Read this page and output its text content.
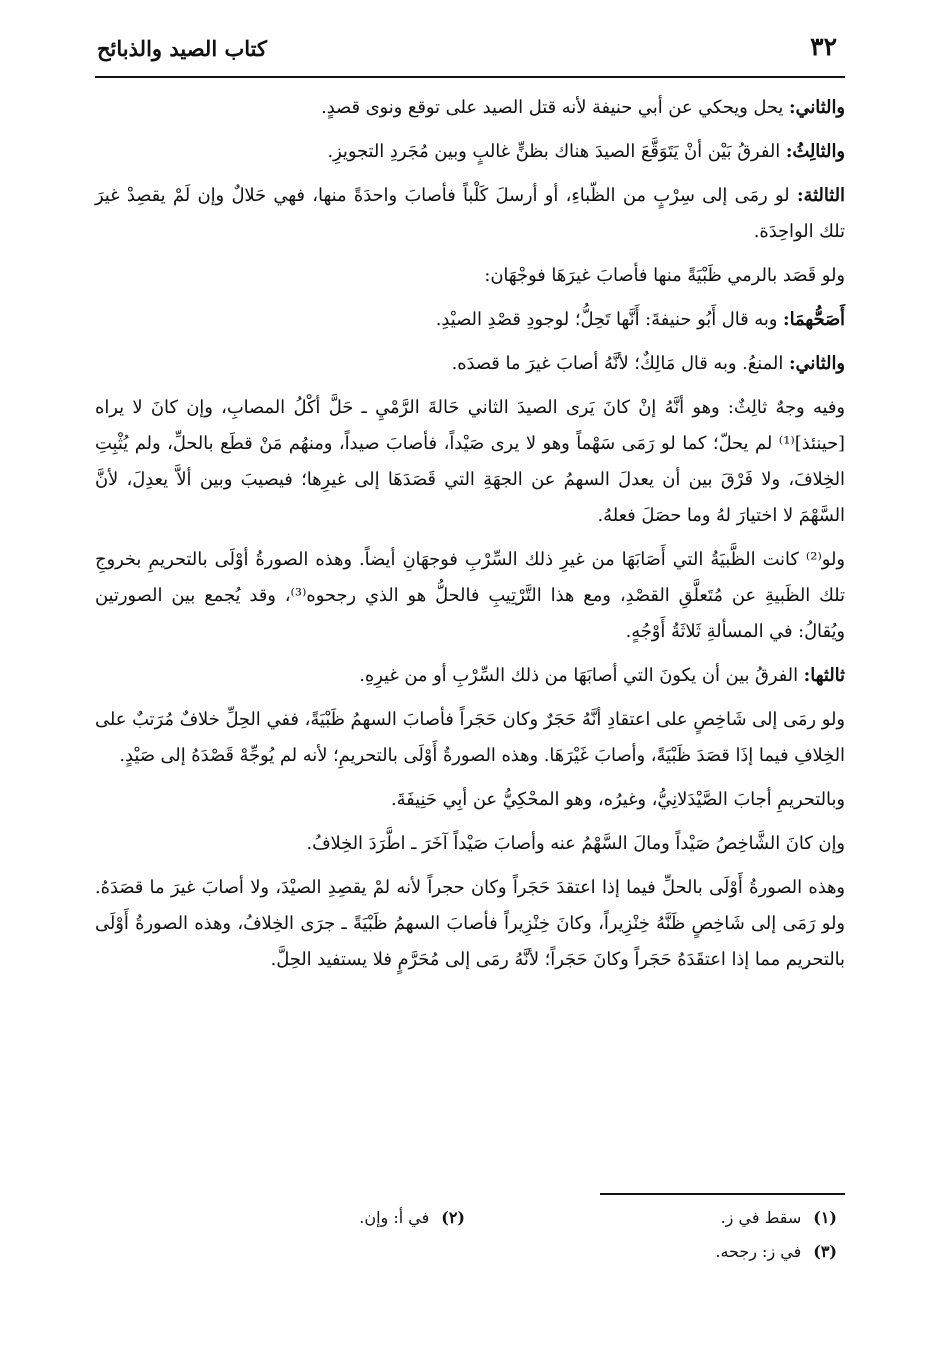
٣٢
كتاب الصيد والذبائح

والثاني: يحل ويحكي عن أبي حنيفة لأنه قتل الصيد على توقع ونوى قصدٍ.

والثالِثُ: الفرقُ بَيْن أنْ يَتَوَقَّعَ الصيدَ هناك بظنٍّ غالبٍ وبين مُجَردِ التجويزِ.

الثالثة: لو رمَى إلى سِرْبٍ من الظّباءِ، أو أرسلَ كَلْباً فأصابَ واحدَةً منها، فهي حَلالٌ وإن لَمْ يقصِدْ غيرَ تلك الواحِدَة.

ولو قَصَد بالرمي ظَبْيَةً منها فأصابَ غيرَهَا فوجْهَان:

أَصَحُّهمَا: وبه قال أَبُو حنيفةَ: أَنَّها تَحِلُّ؛ لوجودِ قصْدِ الصيْدِ.

والثاني: المنعُ. وبه قال مَالِكٌ؛ لأنَّهُ أصابَ غيرَ ما قصدَه.

وفيه وجهٌ ثالِثٌ: وهو أنَّهُ إنْ كانَ يَرى الصيدَ الثاني حَالةَ الرَّمْيِ ـ حَلَّ أكْلُ المصابِ، وإن كانَ لا يراه [حينئذ]⁽¹⁾ لم يحلّ؛ كما لو رَمَى سَهْماً وهو لا يرى صَيْداً، فأصابَ صيداً، ومنهُم مَنْ قطَع بالحلِّ، ولم يُثْبِتِ الخِلافَ، ولا فَرْقَ بين أن يعدلَ السهمُ عن الجهَةِ التي قَصَدَهَا إلى غيرِها؛ فيصيبَ وبين ألاَّ يعدِلَ، لأنَّ السَّهْمَ لا اختيارَ لهُ وما حصَلَ فعلهُ.

ولو⁽²⁾ كانت الظَّبيَةُ التي أَصَابَهَا من غيرِ ذلك السِّرْبِ فوجهَانِ أيضاً. وهذه الصورةُ أوْلَى بالتحريمِ بخروجِ تلك الظَبيةِ عن مُتَعلَّقِ القصْدِ، ومع هذا التَّرْتِيبِ فالحلُّ هو الذي رجحوه⁽³⁾، وقد يُجمع بين الصورتين ويُقالُ: في المسألةِ ثَلاثَةُ أَوْجُهٍ.

ثالثها: الفرقُ بين أن يكونَ التي أصابَهَا من ذلك السِّرْبِ أو من غيرِهِ.

ولو رمَى إلى شَاخِصٍ على اعتقادِ أنَّهُ حَجَرٌ وكان حَجَراً فأصابَ السهمُ ظَبْيَةً، ففي الحِلِّ خلافٌ مُرَتبٌ على الخِلافِ فيما إذَا قصَدَ ظَبْيَةً، وأصابَ غَيْرَهَا. وهذه الصورةُ أَوْلَى بالتحريمِ؛ لأنه لم يُوجِّهْ قَصْدَهُ إلى صَيْدٍ.

وبالتحريمِ أجابَ الصَّيْدَلانِيُّ، وغيرُه، وهو المحْكِيُّ عن أبِي حَنِيفَةَ.

وإن كانَ الشَّاخِصُ صَيْداً ومالَ السَّهْمُ عنه وأصابَ صَيْداً آخَرَ ـ اطَّرَدَ الخِلافُ.

وهذه الصورةُ أَوْلَى بالحلِّ فيما إذا اعتقدَ حَجَراً وكان حجراً لأنه لمْ يقصِدِ الصيْدَ، ولا أصابَ غيرَ ما قصَدَهُ. ولو رَمَى إلى شَاخِصٍ ظَنَّهُ خِنْزِيراً، وكانَ خِنْزِيراً فأصابَ السهمُ ظَبْيَةً ـ جرَى الخِلافُ، وهذه الصورةُ أَوْلَى بالتحريم مما إذا اعتقَدَهُ حَجَراً وكانَ حَجَراً؛ لأنَّهُ رمَى إلى مُحَرَّمٍ فلا يستفيد الحِلَّ.

(١)سقط في ز.
(٢)في أ: وإن.
(٣)في ز: رجحه.
